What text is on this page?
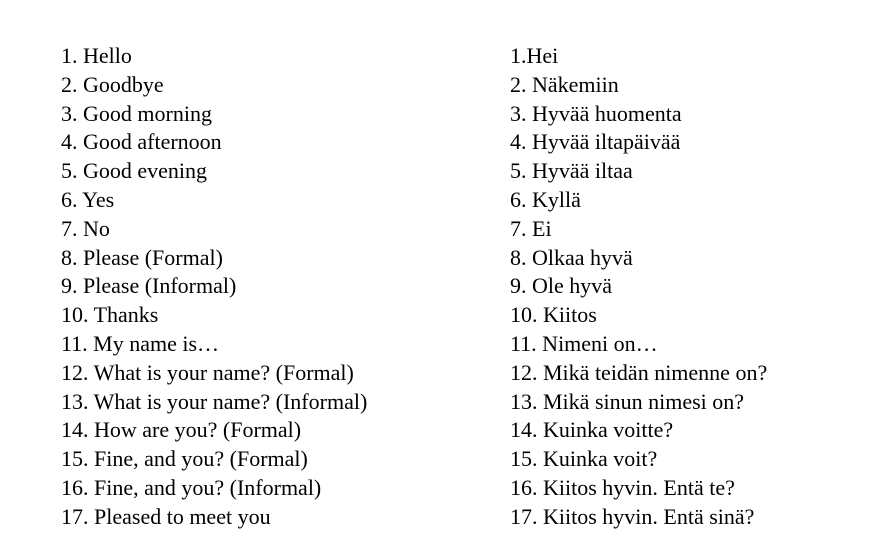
1. Hello
2. Goodbye
3. Good morning
4. Good afternoon
5. Good evening
6. Yes
7. No
8. Please (Formal)
9. Please (Informal)
10. Thanks
11. My name is…
12. What is your name? (Formal)
13. What is your name? (Informal)
14. How are you? (Formal)
15. Fine, and you? (Formal)
16. Fine, and you? (Informal)
17. Pleased to meet you
1.Hei
2. Näkemiin
3. Hyvää huomenta
4. Hyvää iltapäivää
5. Hyvää iltaa
6. Kyllä
7. Ei
8. Olkaa hyvä
9. Ole hyvä
10. Kiitos
11. Nimeni on…
12. Mikä teidän nimenne on?
13. Mikä sinun nimesi on?
14. Kuinka voitte?
15. Kuinka voit?
16. Kiitos hyvin. Entä te?
17. Kiitos hyvin. Entä sinä?
